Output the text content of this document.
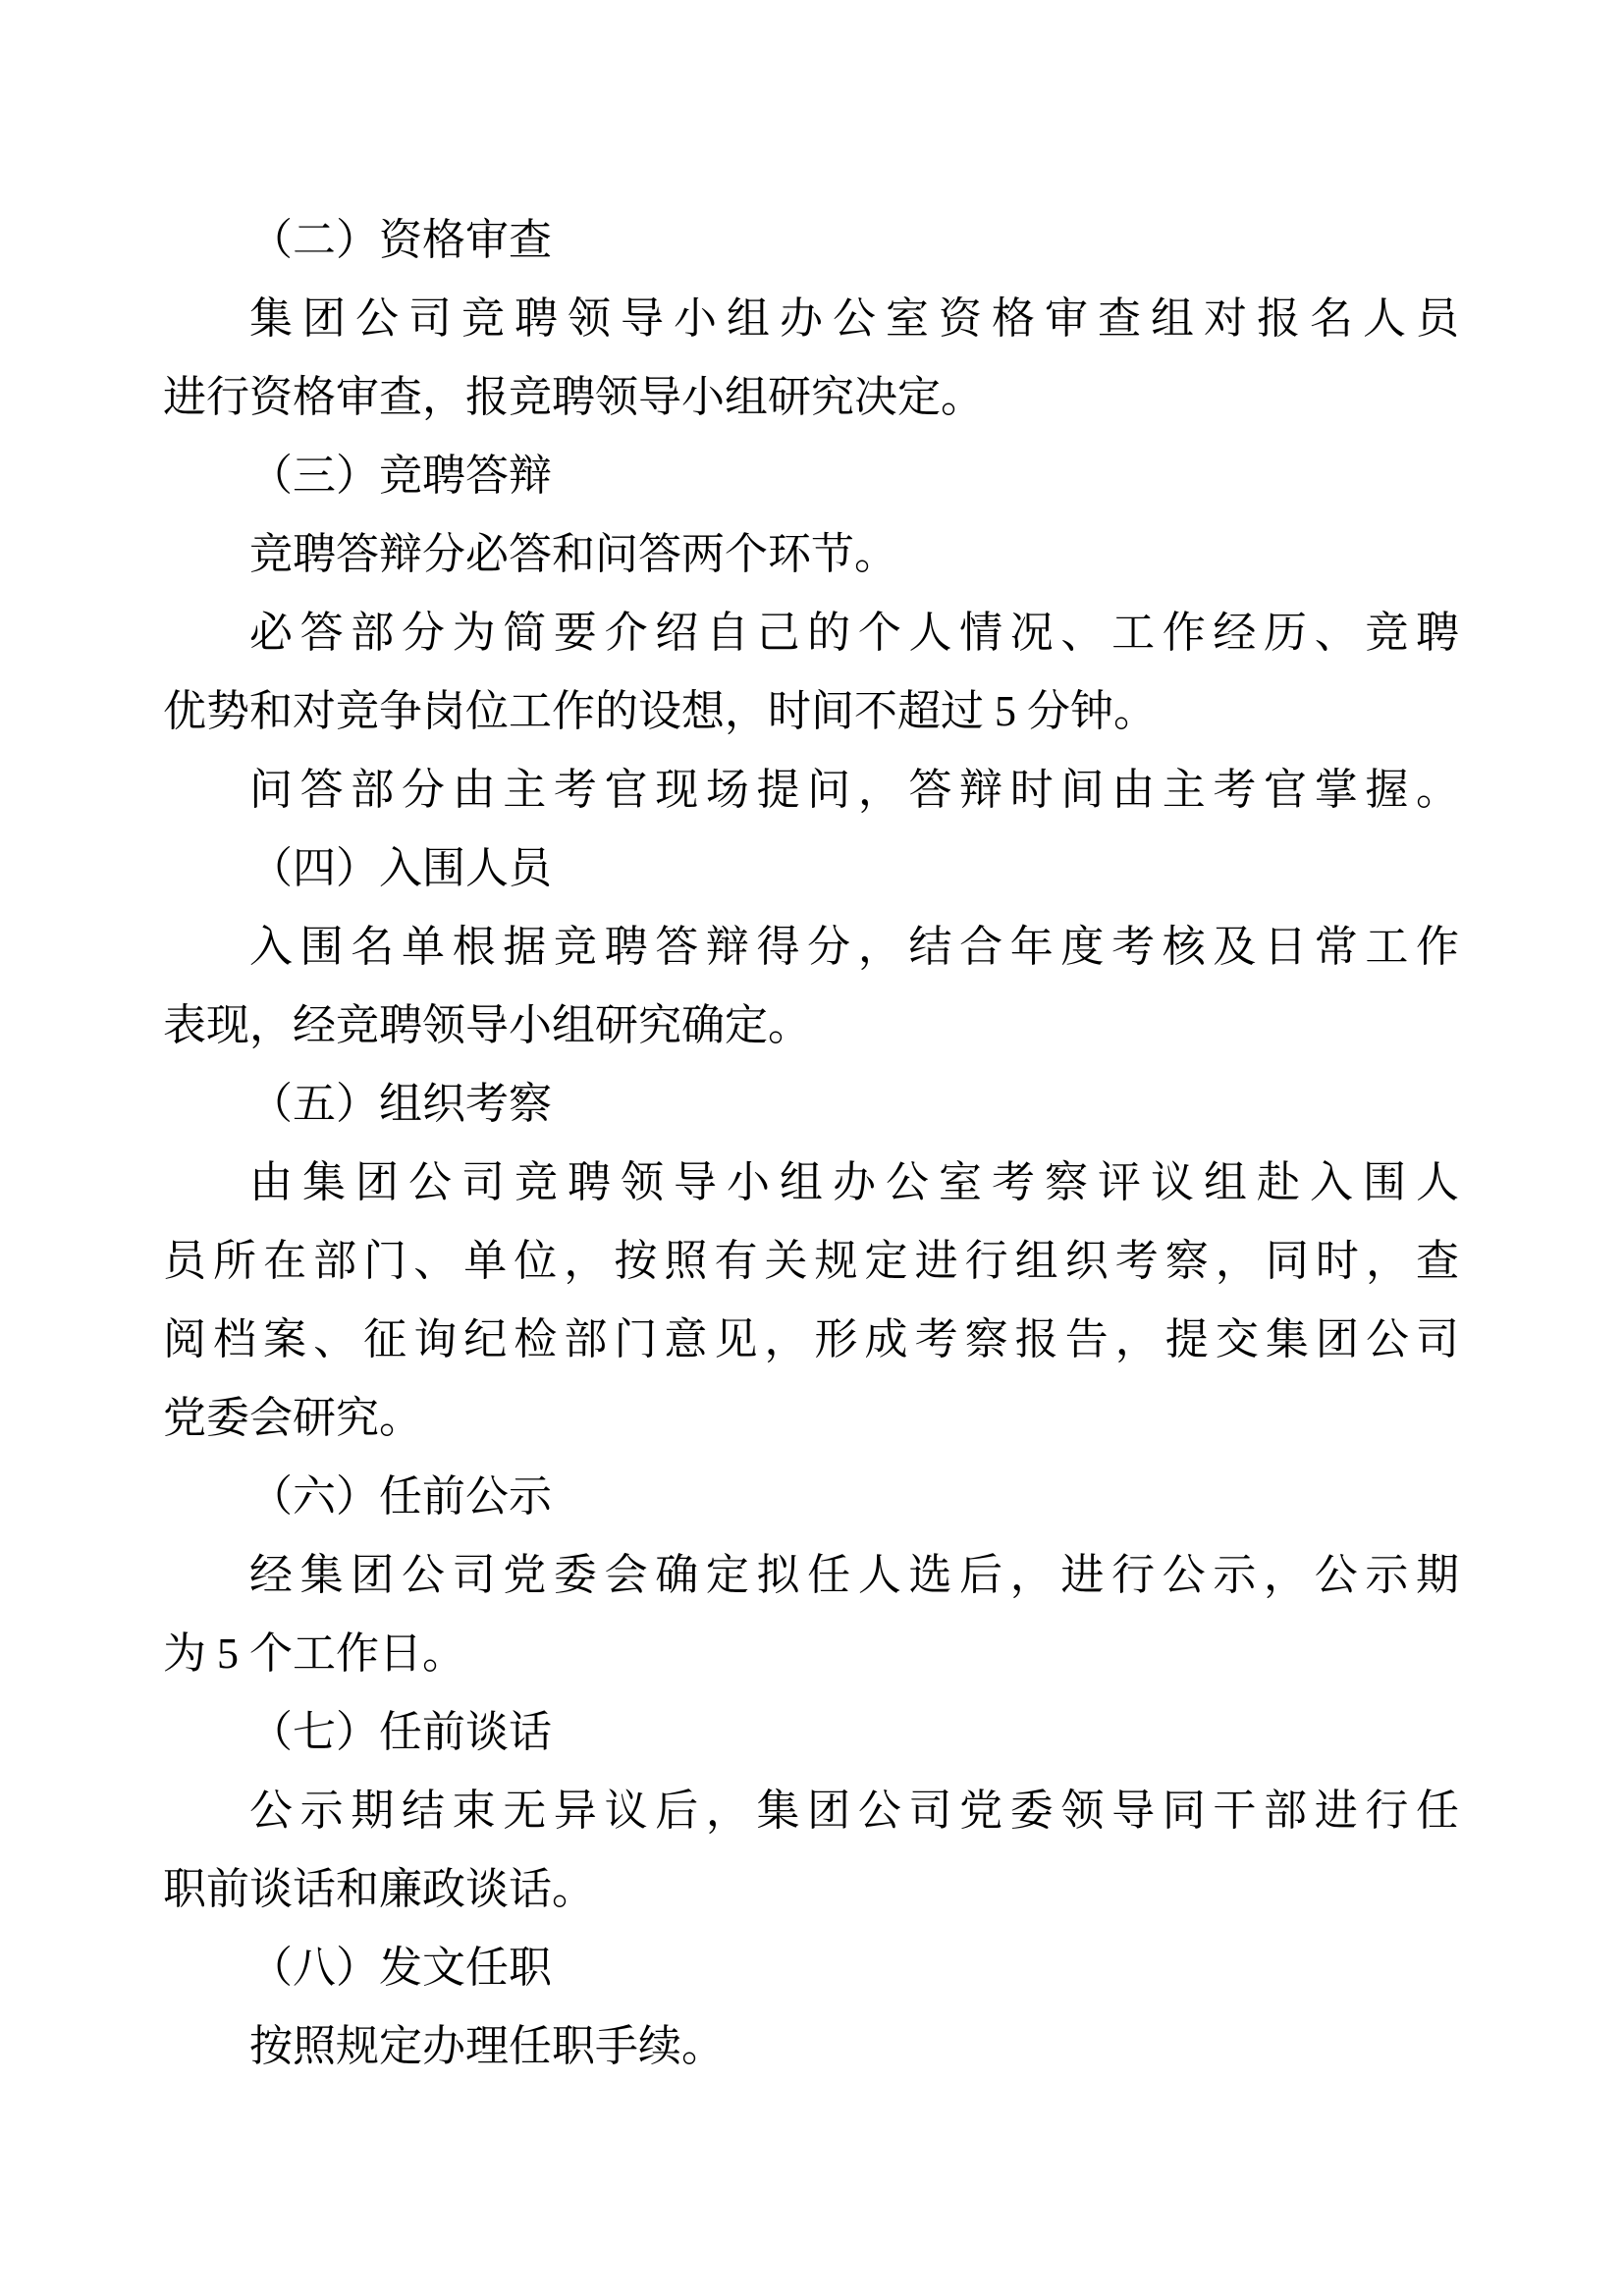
（二）资格审查
集团公司竞聘领导小组办公室资格审查组对报名人员
进行资格审查，报竞聘领导小组研究决定。
（三）竞聘答辩
竞聘答辩分必答和问答两个环节。
必答部分为简要介绍自己的个人情况、工作经历、竞聘
优势和对竞争岗位工作的设想，时间不超过 5 分钟。
问答部分由主考官现场提问，答辩时间由主考官掌握。
（四）入围人员
入围名单根据竞聘答辩得分，结合年度考核及日常工作
表现，经竞聘领导小组研究确定。
（五）组织考察
由集团公司竞聘领导小组办公室考察评议组赴入围人
员所在部门、单位，按照有关规定进行组织考察，同时，查
阅档案、征询纪检部门意见，形成考察报告，提交集团公司
党委会研究。
（六）任前公示
经集团公司党委会确定拟任人选后，进行公示，公示期
为 5 个工作日。
（七）任前谈话
公示期结束无异议后，集团公司党委领导同干部进行任
职前谈话和廉政谈话。
（八）发文任职
按照规定办理任职手续。
